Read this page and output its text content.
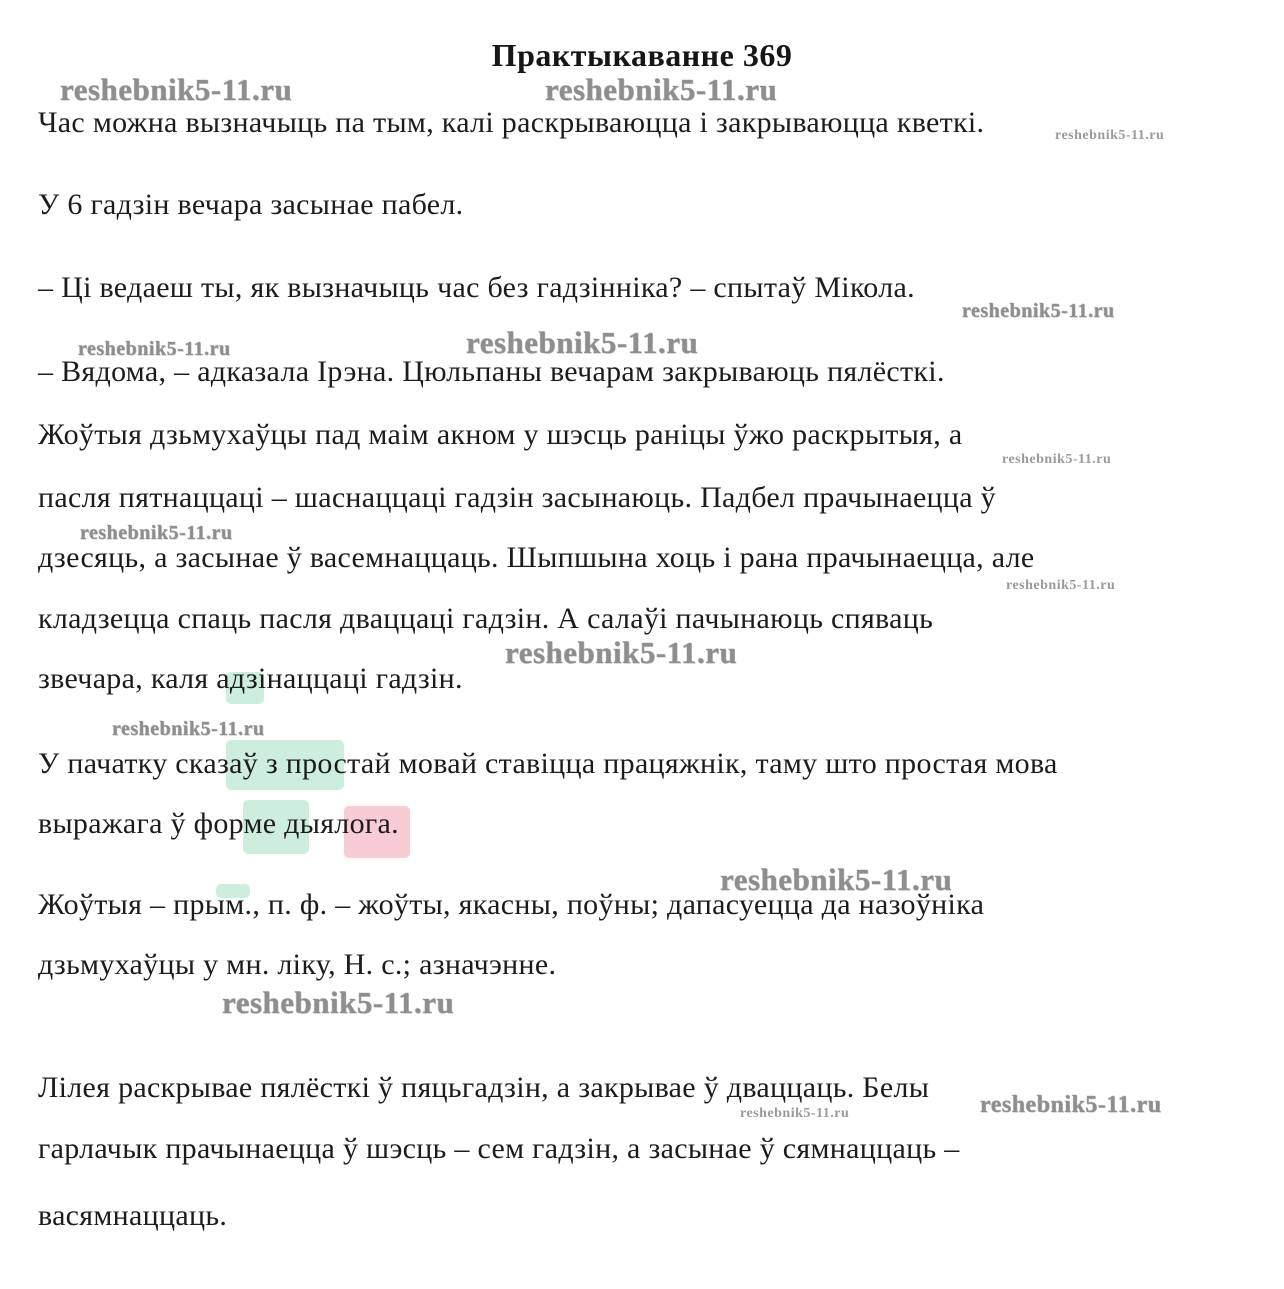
Практыкаванне 369
reshebnik5-11.ru	reshebnik5-11.ru
reshebnik5-11.ru
reshebnik5-11.ru
reshebnik5-11.ru	reshebnik5-11.ru
reshebnik5-11.ru
reshebnik5-11.ru
reshebnik5-11.ru
reshebnik5-11.ru
reshebnik5-11.ru
reshebnik5-11.ru
reshebnik5-11.ru
reshebnik5-11.ru	reshebnik5-11.ru
Час можна вызначыць па тым, калі раскрываюцца і закрываюцца кветкі.
У 6 гадзін вечара засынае пабел.
– Ці ведаеш ты, як вызначыць час без гадзінніка? – спытаў Мікола.
– Вядома, – адказала Ірэна. Цюльпаны вечарам закрываюць пялёсткі.
Жоўтыя дзьмухаўцы пад маім акном у шэсць раніцы ўжо раскрытыя, а
пасля пятнаццаці – шаснаццаці гадзін засынаюць. Падбел прачынаецца ў
дзесяць, а засынае ў васемнаццаць. Шыпшына хоць і рана прачынаецца, але
кладзецца спаць пасля дваццаці гадзін. А салаўі пачынаюць спяваць
звечара, каля адзінаццаці гадзін.
У пачатку сказаў з простай мовай ставіцца працяжнік, таму што простая мова
выражага ў форме дыялога.
Жоўтыя – прым., п. ф. – жоўты, якасны, поўны; дапасуецца да назоўніка
дзьмухаўцы у мн. ліку, Н. с.; азначэнне.
Лілея раскрывае пялёсткі ў пяцьгадзін, а закрывае ў дваццаць. Белы
гарлачык прачынаецца ў шэсць – сем гадзін, а засынае ў сямнаццаць –
васямнаццаць.
